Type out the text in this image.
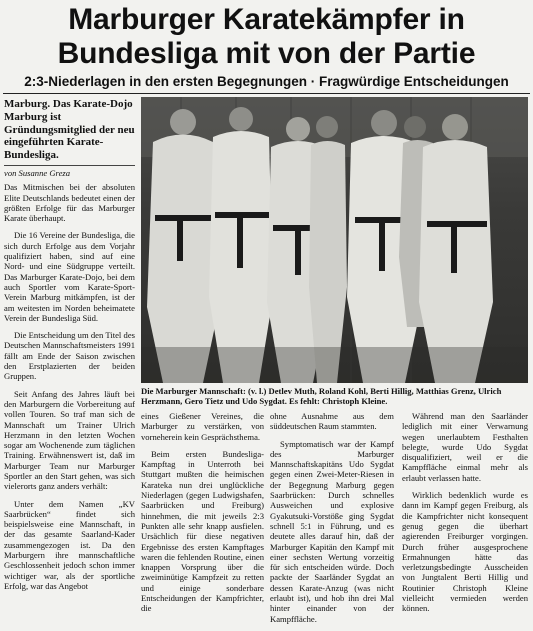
Marburger Karatekämpfer in
Bundesliga mit von der Partie
2:3-Niederlagen in den ersten Begegnungen · Fragwürdige Entscheidungen
Marburg. Das Karate-Dojo Marburg ist Gründungsmitglied der neu eingeführten Karate-Bundesliga.
von Susanne Greza

Das Mitmischen bei der absoluten Elite Deutschlands bedeutet einen der größten Erfolge für das Marburger Karate überhaupt.

Die 16 Vereine der Bundesliga, die sich durch Erfolge aus dem Vorjahr qualifiziert haben, sind auf eine Nord- und eine Südgruppe verteilt. Das Marburger Karate-Dojo, bei dem auch Sportler vom Karate-Sport-Verein Marburg mitkämpfen, ist der am weitesten im Norden beheimatete Verein der Bundesliga Süd.

Die Entscheidung um den Titel des Deutschen Mannschaftsmeisters 1991 fällt am Ende der Saison zwischen den Erstplazierten der beiden Gruppen.

Seit Anfang des Jahres läuft bei den Marburgern die Vorbereitung auf vollen Touren. So traf man sich de Mannschaft um Trainer Ulrich Herzmann in den letzten Wochen sogar am Wochenende zum täglichen Training. Erwähnenswert ist, daß im Marburger Team nur Marburger Sportler an den Start gehen, was sich vielerorts ganz anders verhält:

Unter dem Namen „KV Saarbrücken“ findet sich beispielsweise eine Mannschaft, in der das gesamte Saarland-Kader zusammengezogen ist. Da den Marburgern ihre mannschaftliche Geschlossenheit jedoch schon immer wichtiger war, als der sportliche Erfolg, war das Angebot

Die Marburger Mannschaft: (v. l.) Detlev Muth, Roland Kohl, Berti Hillig, Matthias Grenz, Ulrich Herzmann, Gero Tietz und Udo Sygdat. Es fehlt: Christoph Kleine.

eines Gießener Vereines, die Marburger zu verstärken, von vorneherein kein Gesprächsthema.

Beim ersten Bundesliga-Kampftag in Unterroth bei Stuttgart mußten die heimischen Karateka nun drei unglückliche Niederlagen (gegen Ludwigshafen, Saarbrücken und Freiburg) hinnehmen, die mit jeweils 2:3 Punkten alle sehr knapp ausfielen. Ursächlich für diese negativen Ergebnisse des ersten Kampftages waren die fehlenden Routine, einen knappen Vorsprung über die zweiminütige Kampfzeit zu retten und einige sonderbare Entscheidungen der Kampfrichter, die

ohne Ausnahme aus dem süddeutschen Raum stammten.

Symptomatisch war der Kampf des Marburger Mannschaftskapitäns Udo Sygdat gegen einen Zwei-Meter-Riesen in der Begegnung Marburg gegen Saarbrücken: Durch schnelles Ausweichen und explosive Gyakutsuki-Vorstöße ging Sygdat schnell 5:1 in Führung, und es deutete alles darauf hin, daß der Marburger Kapitän den Kampf mit einer sechsten Wertung vorzeitig für sich entscheiden würde. Doch packte der Saarländer Sygdat an dessen Karate-Anzug (was nicht erlaubt ist), und hob ihn drei Mal hinter einander von der Kampffläche.

Während man den Saarländer lediglich mit einer Verwarnung wegen unerlaubtem Festhalten belegte, wurde Udo Sygdat disqualifiziert, weil er die Kampffläche einmal mehr als erlaubt verlassen hatte.

Wirklich bedenklich wurde es dann im Kampf gegen Freiburg, als die Kampfrichter nicht konsequent genug gegen die überhart agierenden Freiburger vorgingen. Durch früher ausgesprochene Ermahnungen hätte das verletzungsbedingte Ausscheiden von Jungtalent Berti Hillig und Routinier Christoph Kleine vielleicht vermieden werden können.
